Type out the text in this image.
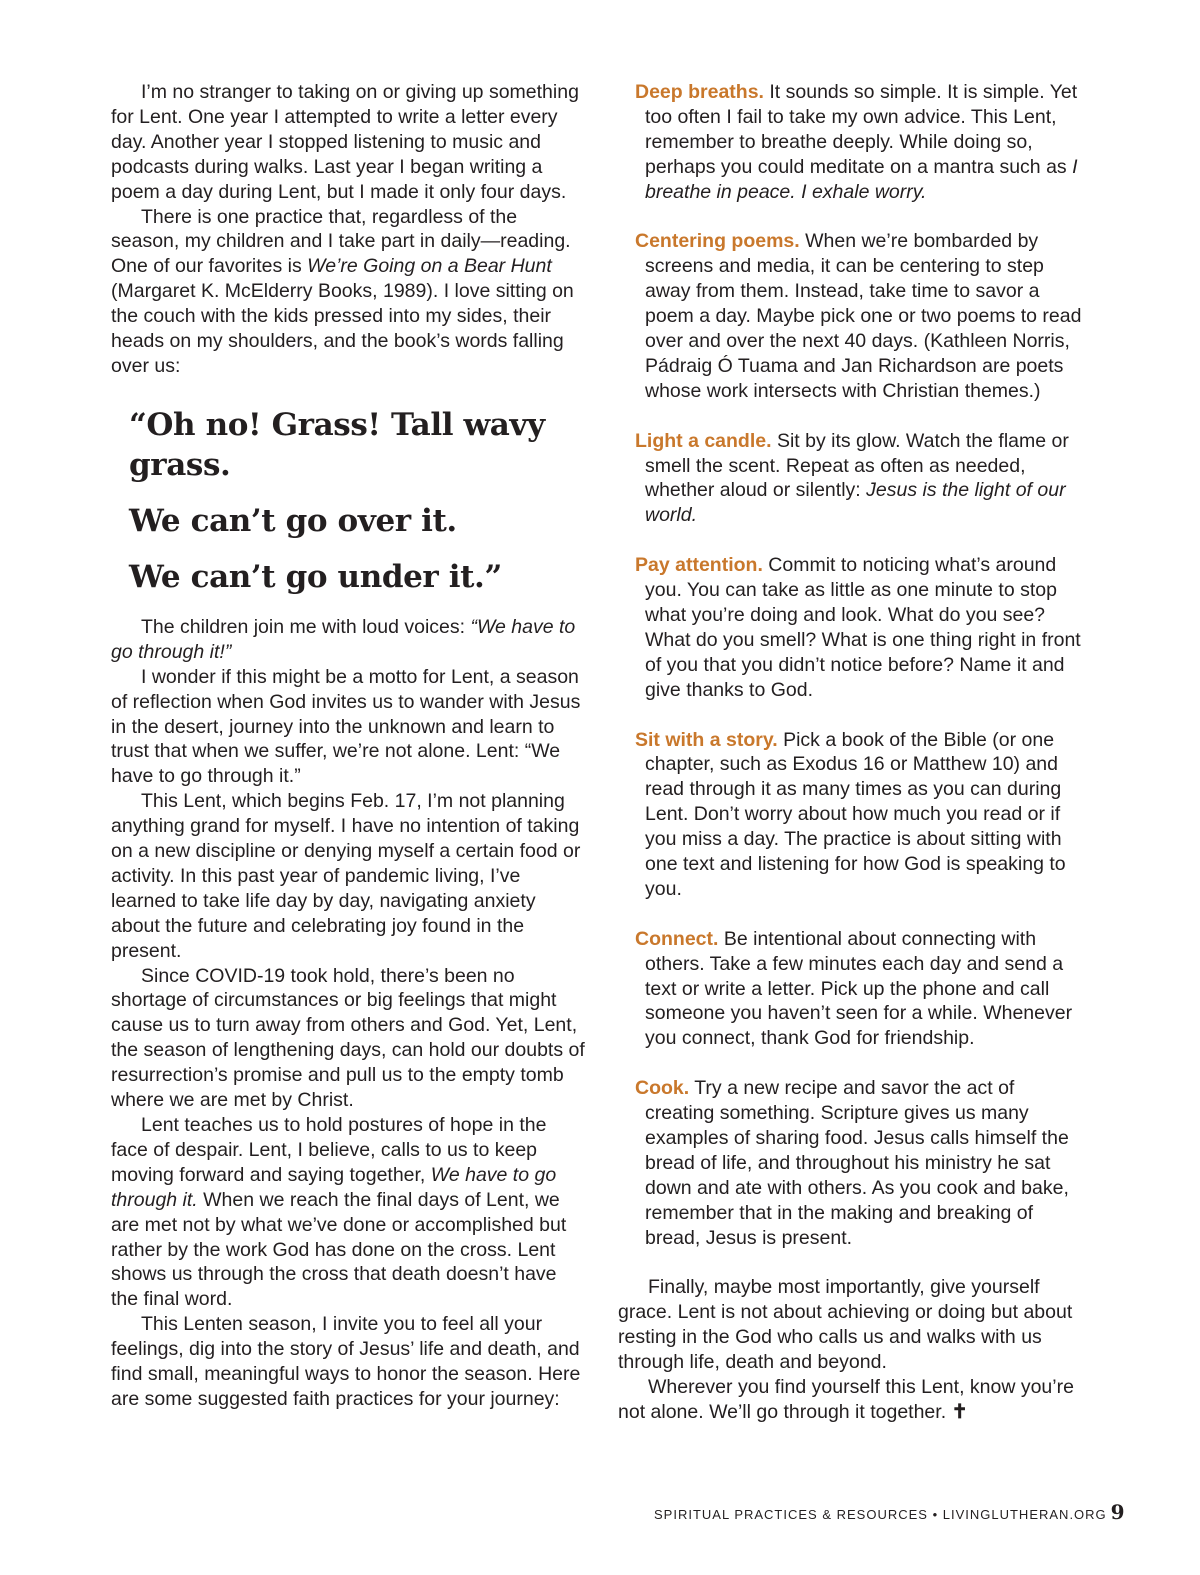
I’m no stranger to taking on or giving up something for Lent. One year I attempted to write a letter every day. Another year I stopped listening to music and podcasts during walks. Last year I began writing a poem a day during Lent, but I made it only four days.

There is one practice that, regardless of the season, my children and I take part in daily—reading. One of our favorites is We’re Going on a Bear Hunt (Margaret K. McElderry Books, 1989). I love sitting on the couch with the kids pressed into my sides, their heads on my shoulders, and the book’s words falling over us:

“Oh no! Grass! Tall wavy grass.

We can’t go over it.

We can’t go under it.”

The children join me with loud voices: “We have to go through it!”

I wonder if this might be a motto for Lent, a season of reflection when God invites us to wander with Jesus in the desert, journey into the unknown and learn to trust that when we suffer, we’re not alone. Lent: “We have to go through it.”

This Lent, which begins Feb. 17, I’m not planning anything grand for myself. I have no intention of taking on a new discipline or denying myself a certain food or activity. In this past year of pandemic living, I’ve learned to take life day by day, navigating anxiety about the future and celebrating joy found in the present.

Since COVID-19 took hold, there’s been no shortage of circumstances or big feelings that might cause us to turn away from others and God. Yet, Lent, the season of lengthening days, can hold our doubts of resurrection’s promise and pull us to the empty tomb where we are met by Christ.

Lent teaches us to hold postures of hope in the face of despair. Lent, I believe, calls to us to keep moving forward and saying together, We have to go through it. When we reach the final days of Lent, we are met not by what we’ve done or accomplished but rather by the work God has done on the cross. Lent shows us through the cross that death doesn’t have the final word.

This Lenten season, I invite you to feel all your feelings, dig into the story of Jesus’ life and death, and find small, meaningful ways to honor the season. Here are some suggested faith practices for your journey:

Deep breaths. It sounds so simple. It is simple. Yet too often I fail to take my own advice. This Lent, remember to breathe deeply. While doing so, perhaps you could meditate on a mantra such as I breathe in peace. I exhale worry.

Centering poems. When we’re bombarded by screens and media, it can be centering to step away from them. Instead, take time to savor a poem a day. Maybe pick one or two poems to read over and over the next 40 days. (Kathleen Norris, Pádraig Ó Tuama and Jan Richardson are poets whose work intersects with Christian themes.)

Light a candle. Sit by its glow. Watch the flame or smell the scent. Repeat as often as needed, whether aloud or silently: Jesus is the light of our world.

Pay attention. Commit to noticing what’s around you. You can take as little as one minute to stop what you’re doing and look. What do you see? What do you smell? What is one thing right in front of you that you didn’t notice before? Name it and give thanks to God.

Sit with a story. Pick a book of the Bible (or one chapter, such as Exodus 16 or Matthew 10) and read through it as many times as you can during Lent. Don’t worry about how much you read or if you miss a day. The practice is about sitting with one text and listening for how God is speaking to you.

Connect. Be intentional about connecting with others. Take a few minutes each day and send a text or write a letter. Pick up the phone and call someone you haven’t seen for a while. Whenever you connect, thank God for friendship.

Cook. Try a new recipe and savor the act of creating something. Scripture gives us many examples of sharing food. Jesus calls himself the bread of life, and throughout his ministry he sat down and ate with others. As you cook and bake, remember that in the making and breaking of bread, Jesus is present.

Finally, maybe most importantly, give yourself grace. Lent is not about achieving or doing but about resting in the God who calls us and walks with us through life, death and beyond.

Wherever you find yourself this Lent, know you’re not alone. We’ll go through it together. ✝

SPIRITUAL PRACTICES & RESOURCES • LIVINGLUTHERAN.ORG 9
